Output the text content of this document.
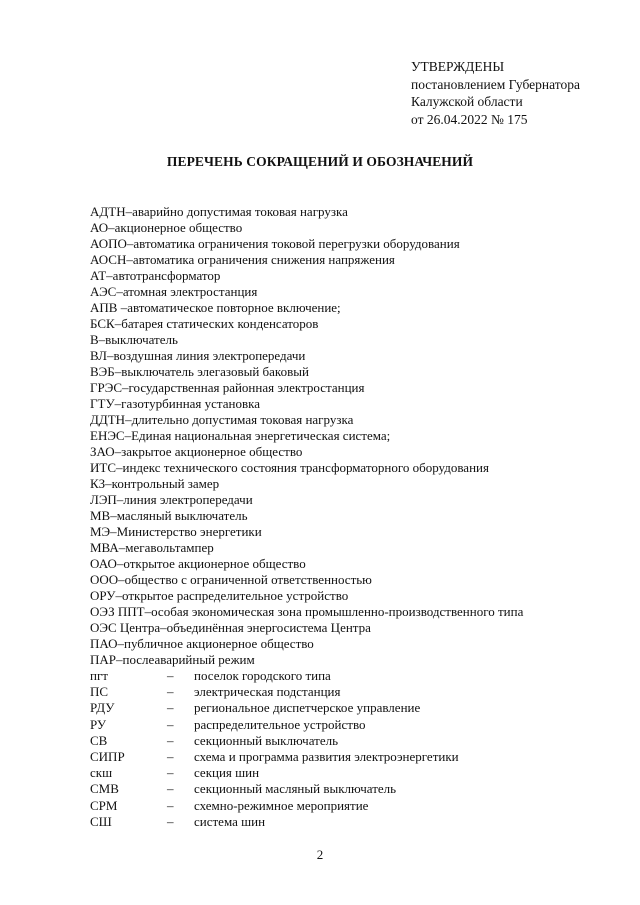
УТВЕРЖДЕНЫ
постановлением Губернатора
Калужской области
от 26.04.2022 № 175
ПЕРЕЧЕНЬ СОКРАЩЕНИЙ И ОБОЗНАЧЕНИЙ
АДТН–аварийно допустимая токовая нагрузка
АО–акционерное общество
АОПО–автоматика ограничения токовой перегрузки оборудования
АОСН–автоматика ограничения снижения напряжения
АТ–автотрансформатор
АЭС–атомная электростанция
АПВ –автоматическое повторное включение;
БСК–батарея статических конденсаторов
В–выключатель
ВЛ–воздушная линия электропередачи
ВЭБ–выключатель элегазовый баковый
ГРЭС–государственная районная электростанция
ГТУ–газотурбинная установка
ДДТН–длительно допустимая токовая нагрузка
ЕНЭС–Единая национальная энергетическая система;
ЗАО–закрытое акционерное общество
ИТС–индекс технического состояния трансформаторного оборудования
КЗ–контрольный замер
ЛЭП–линия электропередачи
МВ–масляный выключатель
МЭ–Министерство энергетики
МВА–мегавольтампер
ОАО–открытое акционерное общество
ООО–общество с ограниченной ответственностью
ОРУ–открытое распределительное устройство
ОЭЗ ППТ–особая экономическая зона промышленно-производственного типа
ОЭС Центра–объединённая энергосистема Центра
ПАО–публичное акционерное общество
ПАР–послеаварийный режим
пгт	– поселок городского типа
ПС	– электрическая подстанция
РДУ	– региональное диспетчерское управление
РУ	– распределительное устройство
СВ	– секционный выключатель
СИПР	– схема и программа развития электроэнергетики
скш	– секция шин
СМВ	– секционный масляный выключатель
СРМ	– схемно-режимное мероприятие
СШ	– система шин
2
